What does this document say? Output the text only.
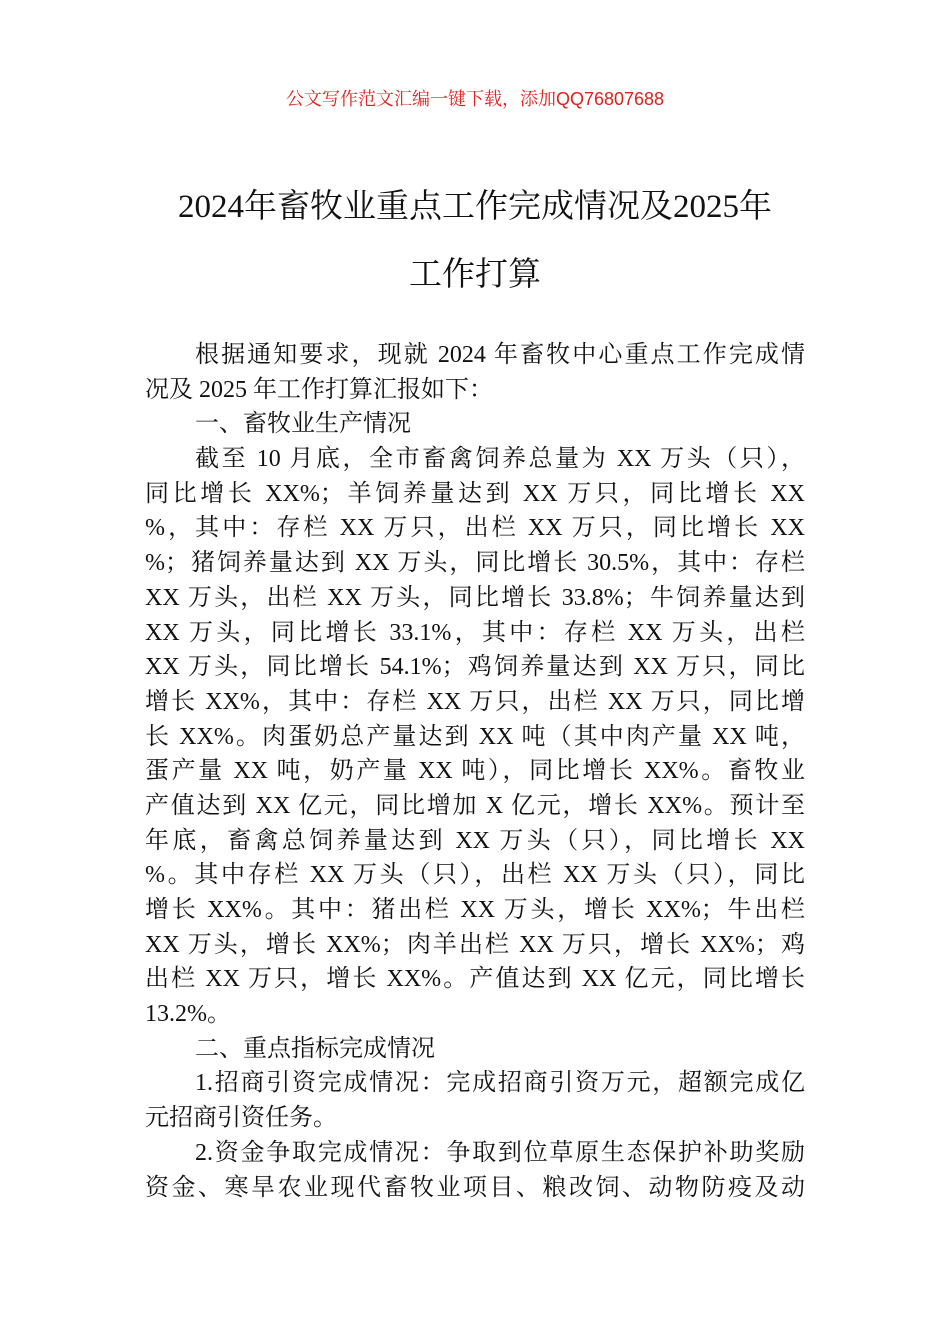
公文写作范文汇编一键下载，添加QQ76807688
2024年畜牧业重点工作完成情况及2025年
工作打算
根据通知要求，现就 2024 年畜牧中心重点工作完成情
况及 2025 年工作打算汇报如下：
一、畜牧业生产情况
截至 10 月底，全市畜禽饲养总量为 XX 万头（只），
同比增长 XX%；羊饲养量达到 XX 万只，同比增长 XX
%，其中：存栏 XX 万只，出栏 XX 万只，同比增长 XX
%；猪饲养量达到 XX 万头，同比增长 30.5%，其中：存栏
XX 万头，出栏 XX 万头，同比增长 33.8%；牛饲养量达到
XX 万头，同比增长 33.1%，其中：存栏 XX 万头，出栏
XX 万头，同比增长 54.1%；鸡饲养量达到 XX 万只，同比
增长 XX%，其中：存栏 XX 万只，出栏 XX 万只，同比增
长 XX%。肉蛋奶总产量达到 XX 吨（其中肉产量 XX 吨，
蛋产量 XX 吨，奶产量 XX 吨），同比增长 XX%。畜牧业
产值达到 XX 亿元，同比增加 X 亿元，增长 XX%。预计至
年底，畜禽总饲养量达到 XX 万头（只），同比增长 XX
%。其中存栏 XX 万头（只），出栏 XX 万头（只），同比
增长 XX%。其中：猪出栏 XX 万头，增长 XX%；牛出栏
XX 万头，增长 XX%；肉羊出栏 XX 万只，增长 XX%；鸡
出栏 XX 万只，增长 XX%。产值达到 XX 亿元，同比增长
13.2%。
二、重点指标完成情况
1.招商引资完成情况：完成招商引资万元，超额完成亿
元招商引资任务。
2.资金争取完成情况：争取到位草原生态保护补助奖励
资金、寒旱农业现代畜牧业项目、粮改饲、动物防疫及动
